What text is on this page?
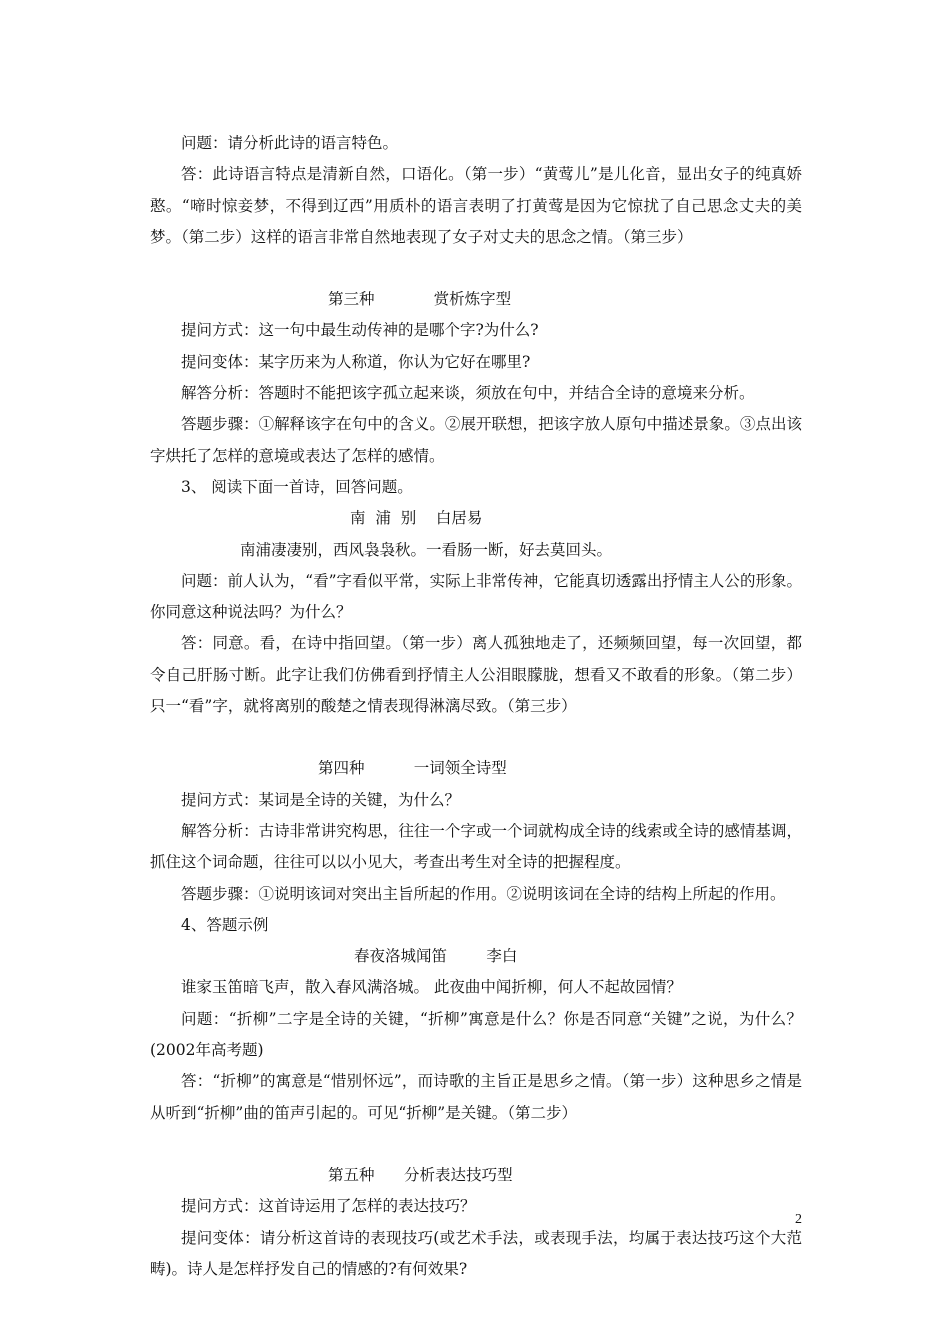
问题：请分析此诗的语言特色。

答：此诗语言特点是清新自然，口语化。（第一步）“黄莺儿”是儿化音，显出女子的纯真娇憨。“啼时惊妾梦，不得到辽西”用质朴的语言表明了打黄莺是因为它惊扰了自己思念丈夫的美梦。（第二步）这样的语言非常自然地表现了女子对丈夫的思念之情。（第三步）

第三种            赏析炼字型

提问方式：这一句中最生动传神的是哪个字?为什么?

提问变体：某字历来为人称道，你认为它好在哪里?

解答分析：答题时不能把该字孤立起来谈，须放在句中，并结合全诗的意境来分析。

答题步骤：①解释该字在句中的含义。②展开联想，把该字放人原句中描述景象。③点出该字烘托了怎样的意境或表达了怎样的感情。

3、 阅读下面一首诗，回答问题。

南  浦  别    白居易

南浦凄凄别，西风袅袅秋。一看肠一断，好去莫回头。

问题：前人认为，“看”字看似平常，实际上非常传神，它能真切透露出抒情主人公的形象。你同意这种说法吗？为什么？

答：同意。看，在诗中指回望。（第一步）离人孤独地走了，还频频回望，每一次回望，都令自己肝肠寸断。此字让我们仿佛看到抒情主人公泪眼朦胧，想看又不敢看的形象。（第二步）只一“看”字，就将离别的酸楚之情表现得淋漓尽致。（第三步）

第四种          一词领全诗型

提问方式：某词是全诗的关键，为什么？

解答分析：古诗非常讲究构思，往往一个字或一个词就构成全诗的线索或全诗的感情基调，抓住这个词命题，往往可以以小见大，考查出考生对全诗的把握程度。

答题步骤：①说明该词对突出主旨所起的作用。②说明该词在全诗的结构上所起的作用。

4、答题示例

春夜洛城闻笛        李白

谁家玉笛暗飞声，散入春风满洛城。 此夜曲中闻折柳，何人不起故园情？

问题：“折柳”二字是全诗的关键，“折柳”寓意是什么？你是否同意“关键”之说，为什么？(2002年高考题)

答：“折柳”的寓意是“惜别怀远”，而诗歌的主旨正是思乡之情。（第一步）这种思乡之情是从听到“折柳”曲的笛声引起的。可见“折柳”是关键。（第二步）

第五种      分析表达技巧型

提问方式：这首诗运用了怎样的表达技巧？

提问变体：请分析这首诗的表现技巧(或艺术手法，或表现手法，均属于表达技巧这个大范畴)。诗人是怎样抒发自己的情感的?有何效果?

2
